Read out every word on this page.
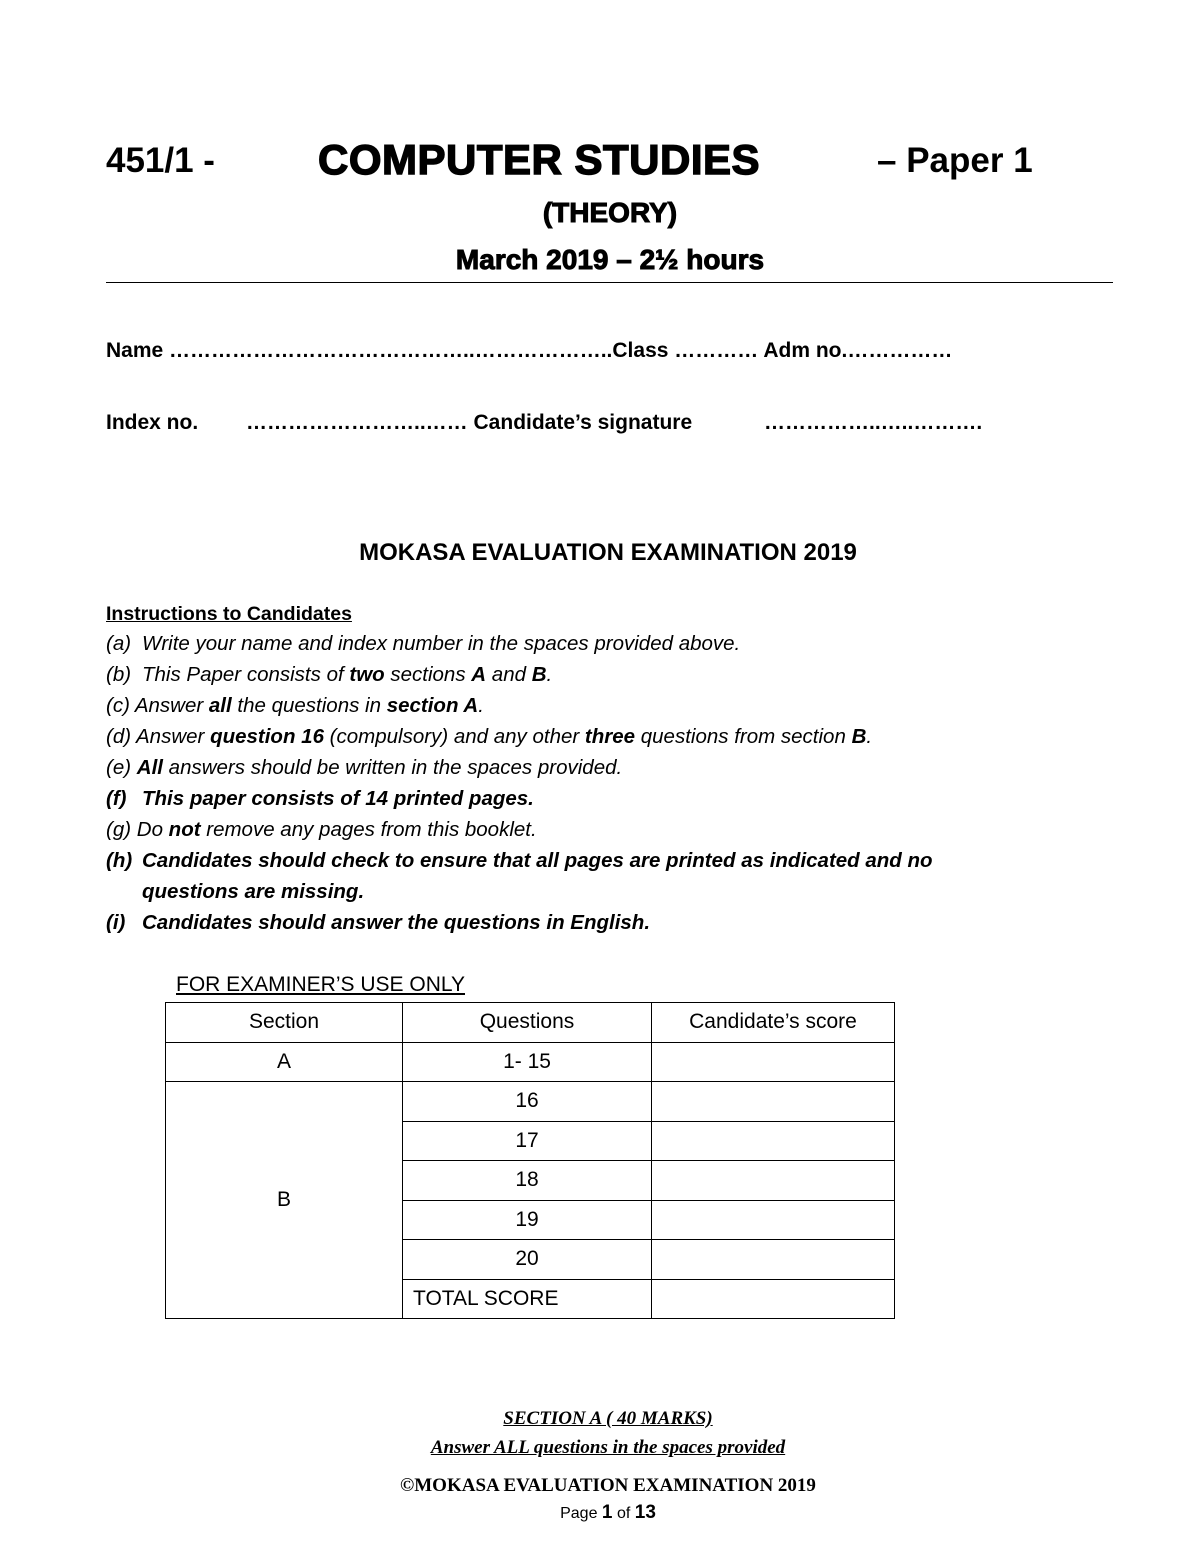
451/1 - COMPUTER STUDIES	– Paper 1
(THEORY)
March 2019 – 2½ hours
Name ……………………………………..………………..Class ………… Adm no.……………
Index no. ……………………..…… Candidate’s signature	……………..…..……….
MOKASA EVALUATION EXAMINATION 2019
Instructions to Candidates
(a) Write your name and index number in the spaces provided above.
(b) This Paper consists of two sections A and B.
(c) Answer all the questions in section A.
(d) Answer question 16 (compulsory) and any other three questions from section B.
(e) All answers should be written in the spaces provided.
(f) This paper consists of 14 printed pages.
(g) Do not remove any pages from this booklet.
(h) Candidates should check to ensure that all pages are printed as indicated and no
questions are missing.
(i) Candidates should answer the questions in English.
FOR EXAMINER’S USE ONLY
Section	Questions	Candidate’s score
A	1- 15	
B	16	
	17	
	18	
	19	
	20	
	TOTAL SCORE	
SECTION A ( 40 MARKS)
Answer ALL questions in the spaces provided
©MOKASA EVALUATION EXAMINATION 2019
Page 1 of 13
